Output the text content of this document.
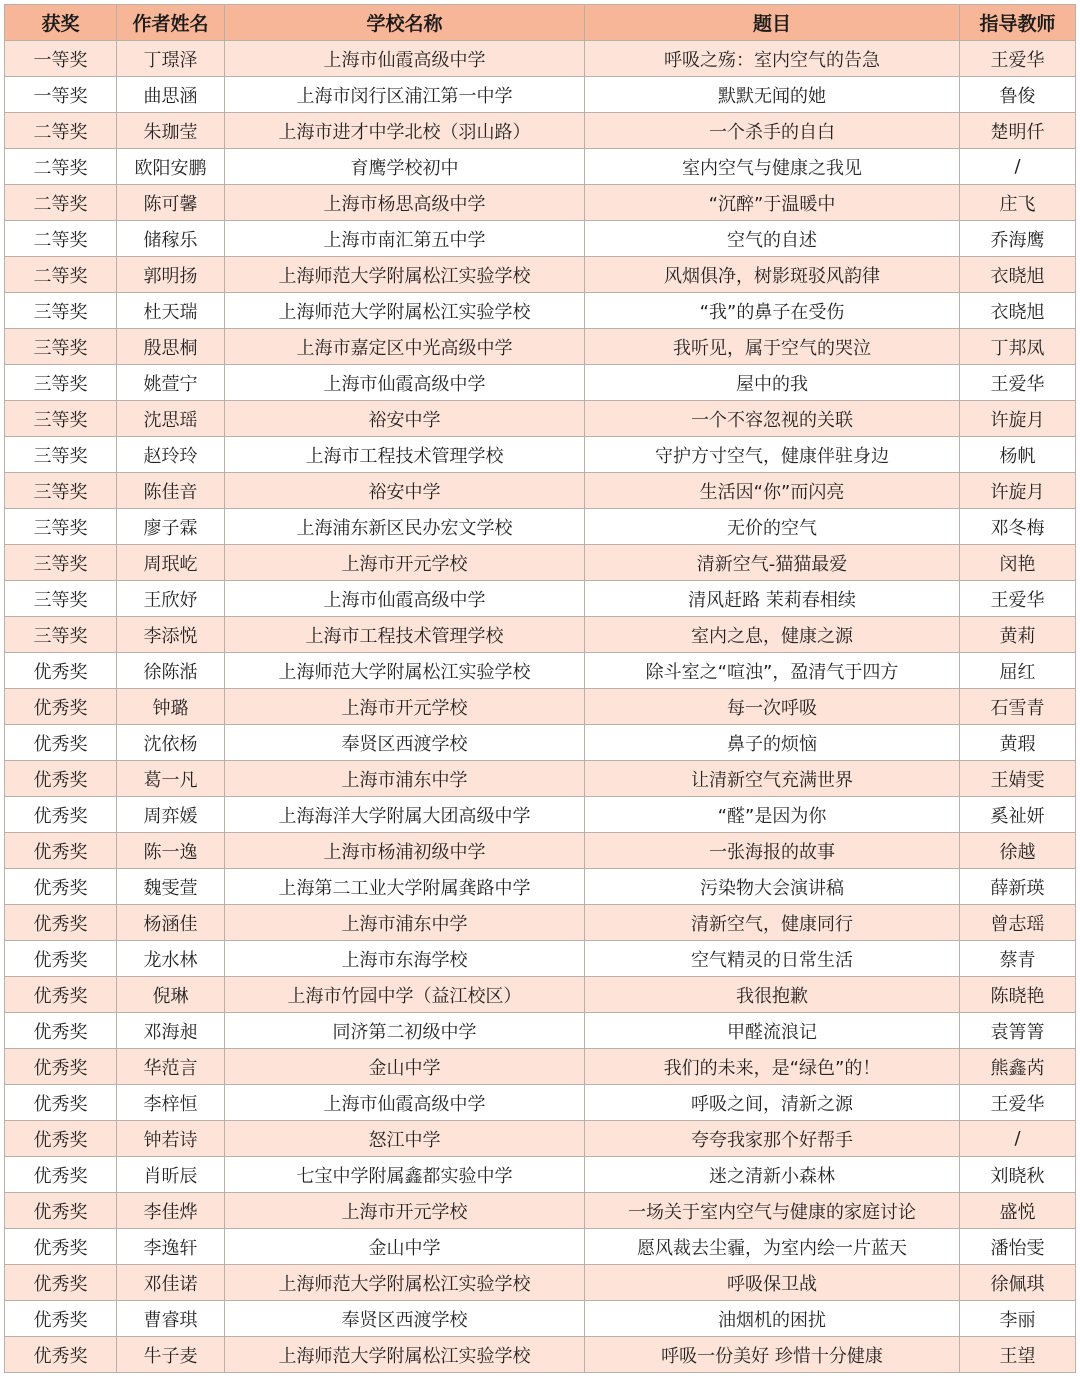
获奖	作者姓名	学校名称	题目	指导教师
一等奖	丁璟泽	上海市仙霞高级中学	呼吸之殇：室内空气的告急	王爱华
一等奖	曲思涵	上海市闵行区浦江第一中学	默默无闻的她	鲁俊
二等奖	朱珈莹	上海市进才中学北校（羽山路）	一个杀手的自白	楚明仟
二等奖	欧阳安鹏	育鹰学校初中	室内空气与健康之我见	/
二等奖	陈可馨	上海市杨思高级中学	“沉醉”于温暖中	庄飞
二等奖	储稼乐	上海市南汇第五中学	空气的自述	乔海鹰
二等奖	郭明扬	上海师范大学附属松江实验学校	风烟俱净，树影斑驳风韵律	衣晓旭
三等奖	杜天瑞	上海师范大学附属松江实验学校	“我”的鼻子在受伤	衣晓旭
三等奖	殷思桐	上海市嘉定区中光高级中学	我听见，属于空气的哭泣	丁邦凤
三等奖	姚萱宁	上海市仙霞高级中学	屋中的我	王爱华
三等奖	沈思瑶	裕安中学	一个不容忽视的关联	许旋月
三等奖	赵玲玲	上海市工程技术管理学校	守护方寸空气，健康伴驻身边	杨帆
三等奖	陈佳音	裕安中学	生活因“你”而闪亮	许旋月
三等奖	廖子霖	上海浦东新区民办宏文学校	无价的空气	邓冬梅
三等奖	周珉屹	上海市开元学校	清新空气-猫猫最爱	闵艳
三等奖	王欣妤	上海市仙霞高级中学	清风赶路 茉莉春相续	王爱华
三等奖	李添悦	上海市工程技术管理学校	室内之息，健康之源	黄莉
优秀奖	徐陈湉	上海师范大学附属松江实验学校	除斗室之“喧浊”，盈清气于四方	屈红
优秀奖	钟璐	上海市开元学校	每一次呼吸	石雪青
优秀奖	沈依杨	奉贤区西渡学校	鼻子的烦恼	黄瑕
优秀奖	葛一凡	上海市浦东中学	让清新空气充满世界	王婧雯
优秀奖	周弈媛	上海海洋大学附属大团高级中学	“醛”是因为你	奚祉妍
优秀奖	陈一逸	上海市杨浦初级中学	一张海报的故事	徐越
优秀奖	魏雯萱	上海第二工业大学附属龚路中学	污染物大会演讲稿	薛新瑛
优秀奖	杨涵佳	上海市浦东中学	清新空气，健康同行	曾志瑶
优秀奖	龙水林	上海市东海学校	空气精灵的日常生活	蔡青
优秀奖	倪琳	上海市竹园中学（益江校区）	我很抱歉	陈晓艳
优秀奖	邓海昶	同济第二初级中学	甲醛流浪记	袁箐箐
优秀奖	华范言	金山中学	我们的未来，是“绿色”的！	熊鑫芮
优秀奖	李梓恒	上海市仙霞高级中学	呼吸之间，清新之源	王爱华
优秀奖	钟若诗	怒江中学	夸夸我家那个好帮手	/
优秀奖	肖昕辰	七宝中学附属鑫都实验中学	迷之清新小森林	刘晓秋
优秀奖	李佳烨	上海市开元学校	一场关于室内空气与健康的家庭讨论	盛悦
优秀奖	李逸轩	金山中学	愿风裁去尘霾，为室内绘一片蓝天	潘怡雯
优秀奖	邓佳诺	上海师范大学附属松江实验学校	呼吸保卫战	徐佩琪
优秀奖	曹睿琪	奉贤区西渡学校	油烟机的困扰	李丽
优秀奖	牛子麦	上海师范大学附属松江实验学校	呼吸一份美好 珍惜十分健康	王望
